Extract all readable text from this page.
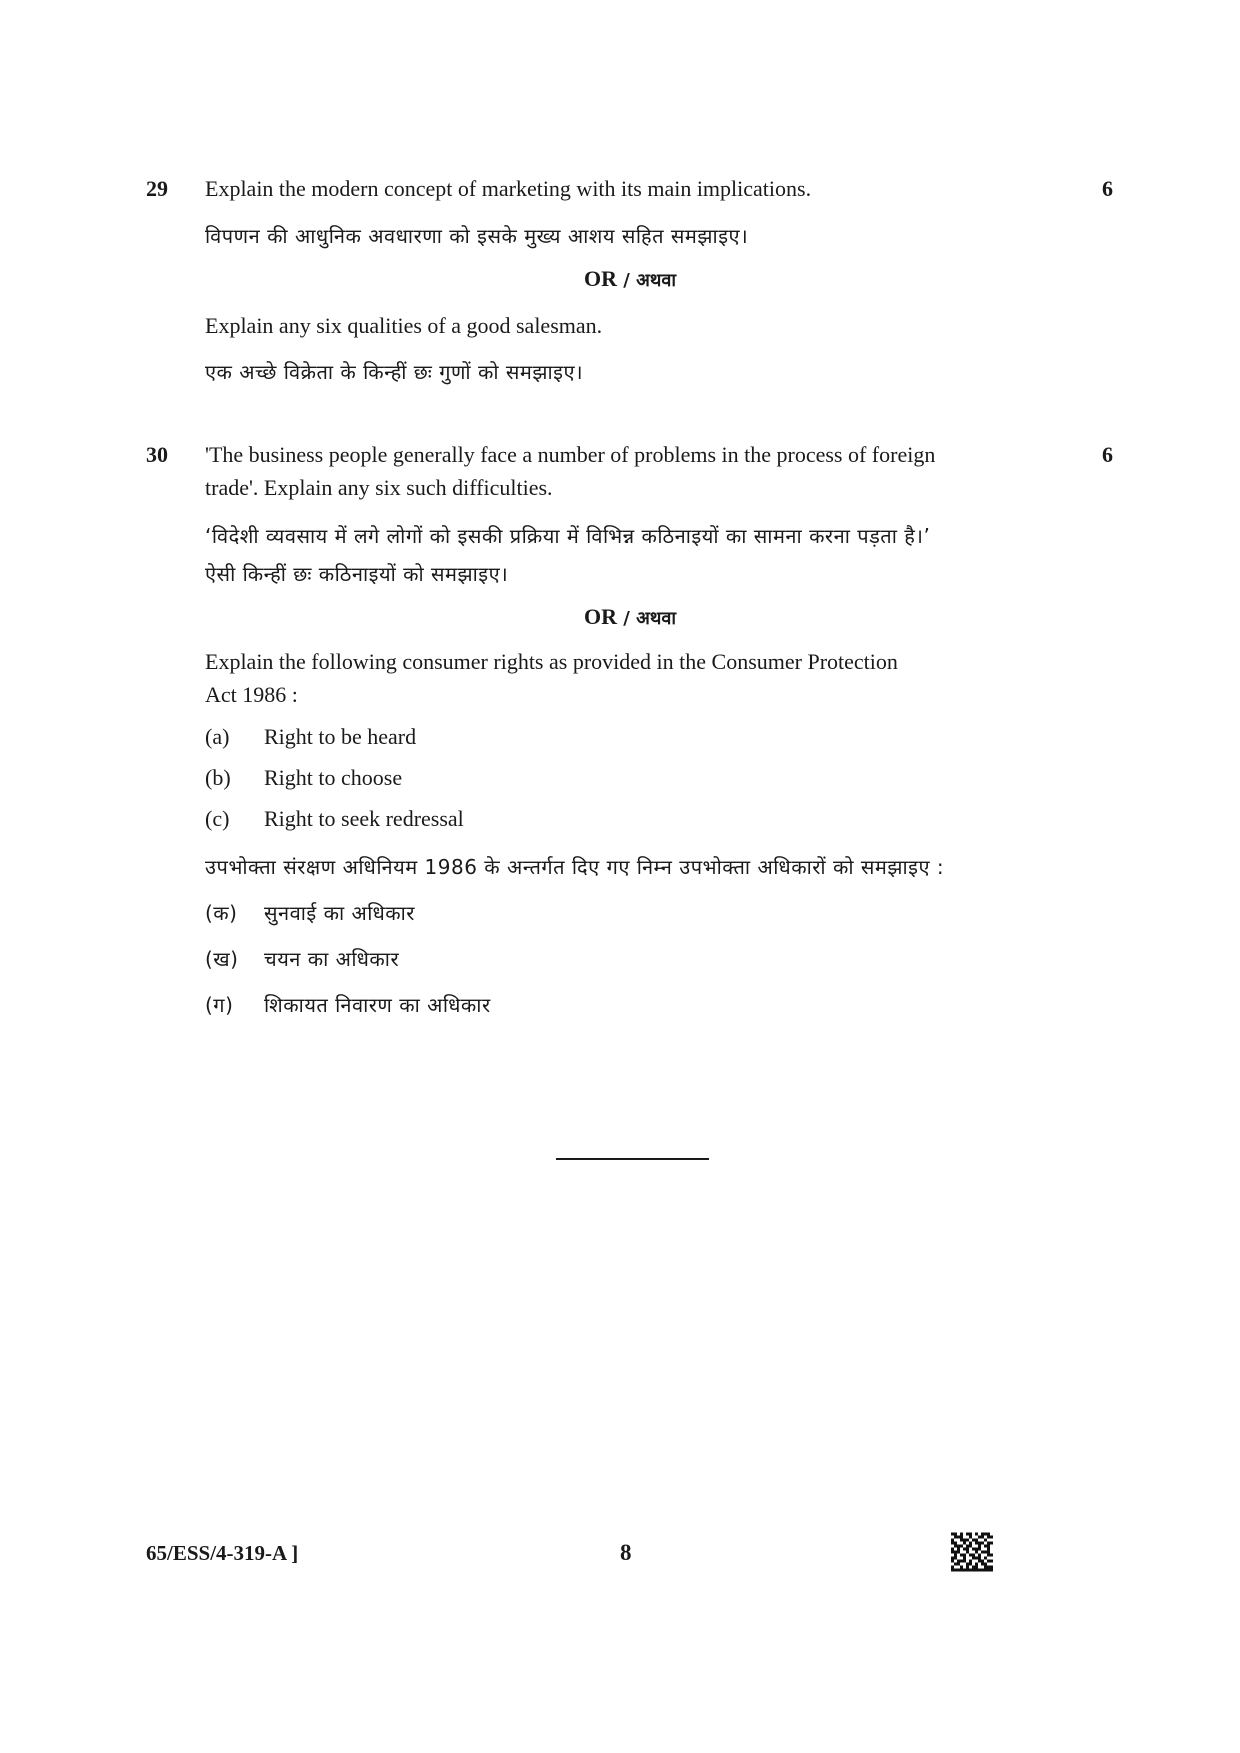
29 Explain the modern concept of marketing with its main implications.	6
विपणन की आधुनिक अवधारणा को इसके मुख्य आशय सहित समझाइए।
OR / अथवा
Explain any six qualities of a good salesman.
एक अच्छे विक्रेता के किन्हीं छः गुणों को समझाइए।
30 'The business people generally face a number of problems in the process of foreign	6
trade'. Explain any six such difficulties.
‘विदेशी व्यवसाय में लगे लोगों को इसकी प्रक्रिया में विभिन्न कठिनाइयों का सामना करना पड़ता है।’
ऐसी किन्हीं छः कठिनाइयों को समझाइए।
OR / अथवा
Explain the following consumer rights as provided in the Consumer Protection
Act 1986 :
(a) Right to be heard
(b) Right to choose
(c) Right to seek redressal
उपभोक्ता संरक्षण अधिनियम 1986 के अन्तर्गत दिए गए निम्न उपभोक्ता अधिकारों को समझाइए :
(क) सुनवाई का अधिकार
(ख) चयन का अधिकार
(ग) शिकायत निवारण का अधिकार
65/ESS/4-319-A ]	8
